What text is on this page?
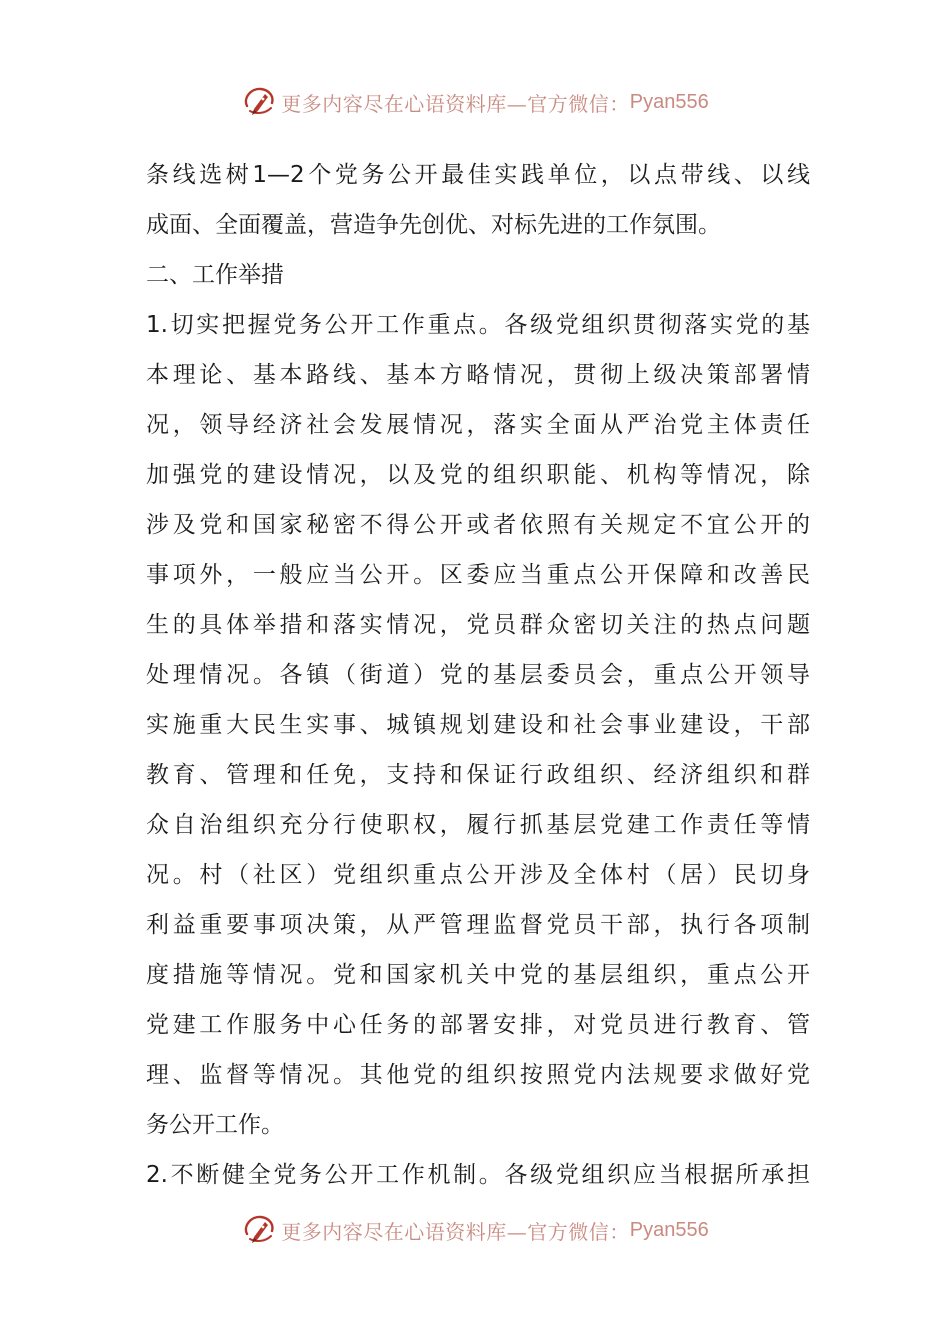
更多内容尽在心语资料库—官方微信： Pyan556
条线选树1—2个党务公开最佳实践单位，以点带线、以线
成面、全面覆盖，营造争先创优、对标先进的工作氛围。
二、工作举措
1.切实把握党务公开工作重点。各级党组织贯彻落实党的基
本理论、基本路线、基本方略情况，贯彻上级决策部署情
况，领导经济社会发展情况，落实全面从严治党主体责任
加强党的建设情况，以及党的组织职能、机构等情况，除
涉及党和国家秘密不得公开或者依照有关规定不宜公开的
事项外，一般应当公开。区委应当重点公开保障和改善民
生的具体举措和落实情况，党员群众密切关注的热点问题
处理情况。各镇（街道）党的基层委员会，重点公开领导
实施重大民生实事、城镇规划建设和社会事业建设，干部
教育、管理和任免，支持和保证行政组织、经济组织和群
众自治组织充分行使职权，履行抓基层党建工作责任等情
况。村（社区）党组织重点公开涉及全体村（居）民切身
利益重要事项决策，从严管理监督党员干部，执行各项制
度措施等情况。党和国家机关中党的基层组织，重点公开
党建工作服务中心任务的部署安排，对党员进行教育、管
理、监督等情况。其他党的组织按照党内法规要求做好党
务公开工作。
2.不断健全党务公开工作机制。各级党组织应当根据所承担
更多内容尽在心语资料库—官方微信： Pyan556
